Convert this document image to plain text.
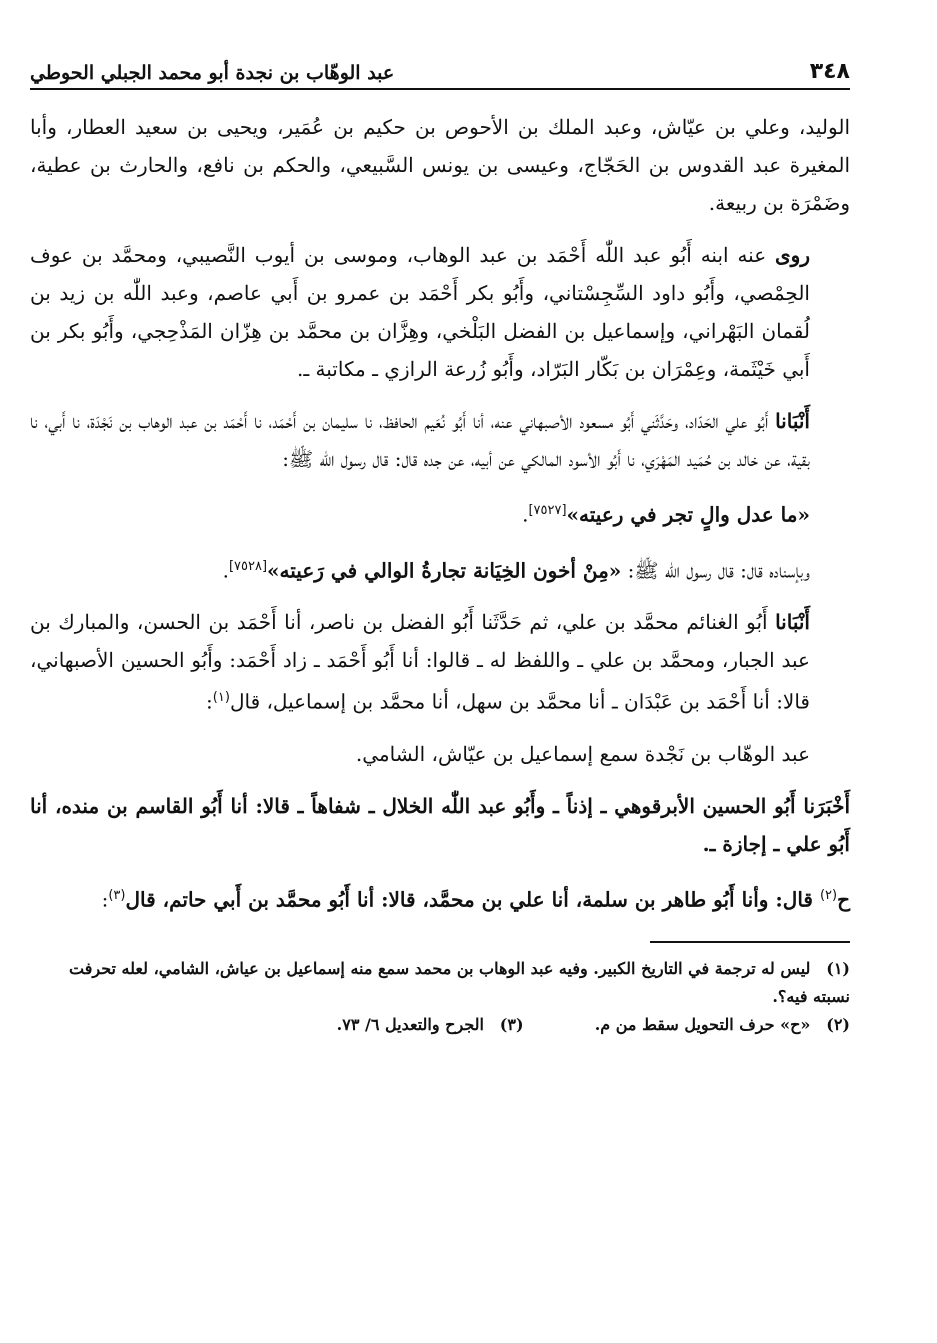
٣٤٨
عبد الوهّاب بن نجدة أبو محمد الجبلي الحوطي

الوليد، وعلي بن عيّاش، وعبد الملك بن الأحوص بن حكيم بن عُمَير، ويحيى بن سعيد العطار، وأبا المغيرة عبد القدوس بن الحَجّاج، وعيسى بن يونس السَّبيعي، والحكم بن نافع، والحارث بن عطية، وضَمْرَة بن ربيعة.

روى عنه ابنه أَبُو عبد اللّٰه أَحْمَد بن عبد الوهاب، وموسى بن أيوب النَّصيبي، ومحمَّد بن عوف الحِمْصي، وأَبُو داود السِّجِسْتاني، وأَبُو بكر أَحْمَد بن عمرو بن أَبي عاصم، وعبد اللّٰه بن زيد بن لُقمان البَهْراني، وإسماعيل بن الفضل البَلْخي، وهِزَّان بن محمَّد بن هِزّان المَذْحِجي، وأَبُو بكر بن أَبي خَيْثَمة، وعِمْرَان بن بَكّار البَرّاد، وأَبُو زُرعة الرازي ـ مكاتبة ـ.

أَنْبَانا أَبُو علي الحَدّاد، وحَدَّثَني أَبُو مسعود الأصبهاني عنه، أنا أَبُو نُعَيم الحافظ، نا سليمان بن أَحْمَد، نا أَحْمَد بن عبد الوهاب بن نَجْدَة، نا أَبي، نا بقية، عن خالد بن حُمَيد المَهْرَي، نا أَبُو الأسود المالكي عن أبيه، عن جده قال: قال رسول الله ﷺ:

«ما عدل والٍ تجر في رعيته»[٧٥٢٧].

وبإسناده قال: قال رسول الله ﷺ: «مِنْ أخون الخِيَانة تجارةُ الوالي في رَعيته»[٧٥٢٨].

أَنْبَانا أَبُو الغنائم محمَّد بن علي، ثم حَدَّثَنا أَبُو الفضل بن ناصر، أنا أَحْمَد بن الحسن، والمبارك بن عبد الجبار، ومحمَّد بن علي ـ واللفظ له ـ قالوا: أنا أَبُو أَحْمَد ـ زاد أَحْمَد: وأَبُو الحسين الأصبهاني، قالا: أنا أَحْمَد بن عَبْدَان ـ أنا محمَّد بن سهل، أنا محمَّد بن إسماعيل، قال$^{(١)}$:

عبد الوهّاب بن نَجْدة سمع إسماعيل بن عيّاش، الشامي.

أَخْبَرَنا أَبُو الحسين الأبرقوهي ـ إذناً ـ وأَبُو عبد اللّٰه الخلال ـ شفاهاً ـ قالا: أنا أَبُو القاسم بن منده، أنا أَبُو علي ـ إجازة ـ.

ح$^{(٢)}$ قال: وأنا أَبُو طاهر بن سلمة، أنا علي بن محمَّد، قالا: أنا أَبُو محمَّد بن أَبي حاتم، قال$^{(٣)}$:

(١) ليس له ترجمة في التاريخ الكبير. وفيه عبد الوهاب بن محمد سمع منه إسماعيل بن عياش، الشامي، لعله تحرفت نسبته فيه؟.

(٢) «ح» حرف التحويل سقط من م.  (٣) الجرح والتعديل ٦/ ٧٣.
